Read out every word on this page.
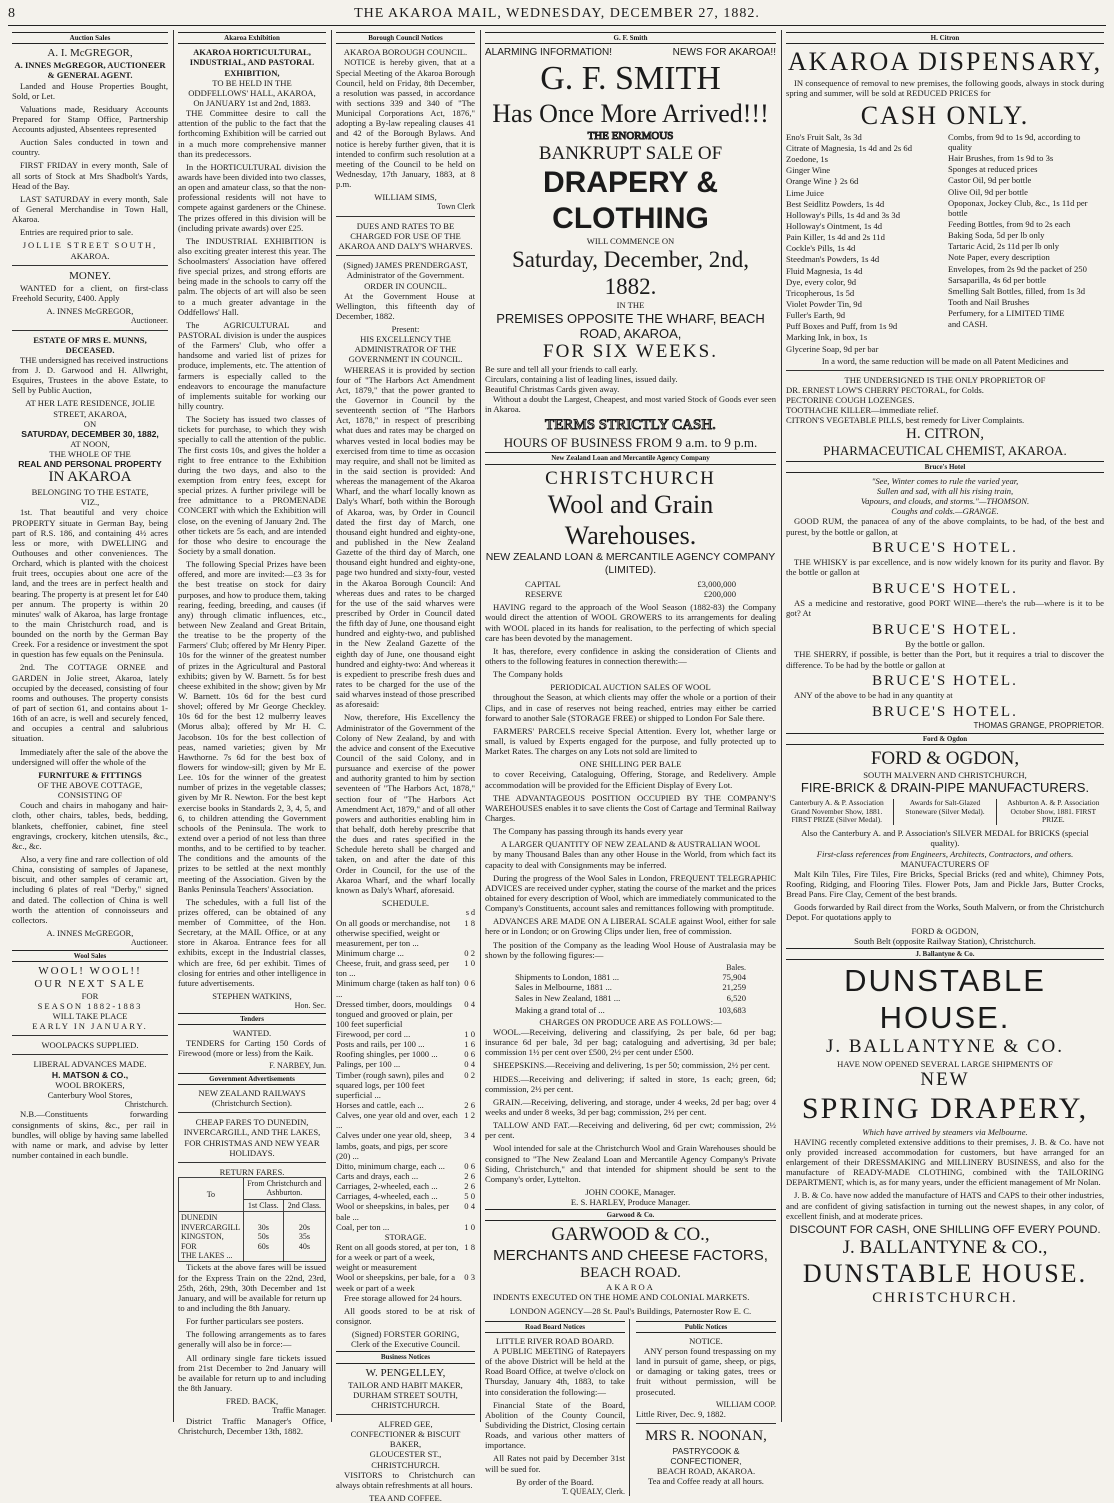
8	THE AKAROA MAIL, WEDNESDAY, DECEMBER 27, 1882.
Auction Sales
A. I. McGREGOR,
A. INNES McGREGOR, AUCTIONEER & GENERAL AGENT.
Landed and House Properties Bought, Sold, or Let.
Valuations made, Residuary Accounts Prepared for Stamp Office, Partnership Accounts adjusted, Absentees represented
Auction Sales conducted in town and country.
FIRST FRIDAY in every month, Sale of all sorts of Stock at Mrs Shadbolt's Yards, Head of the Bay.
LAST SATURDAY in every month, Sale of General Merchandise in Town Hall, Akaroa.
Entries are required prior to sale.
JOLLIE STREET SOUTH,
AKAROA.
MONEY.
WANTED for a client, on first-class Freehold Security, £400. Apply
A. INNES McGREGOR,
Auctioneer.
ESTATE OF MRS E. MUNNS, DECEASED.
THE undersigned has received instructions from J. D. Garwood and H. Allwright, Esquires, Trustees in the above Estate, to Sell by Public Auction,
AT HER LATE RESIDENCE, JOLIE STREET, AKAROA,
ON
SATURDAY, DECEMBER 30, 1882,
AT NOON,
THE WHOLE OF THE
REAL AND PERSONAL PROPERTY
IN AKAROA
BELONGING TO THE ESTATE,
VIZ.,
1st. That beautiful and very choice PROPERTY situate in German Bay, being part of R.S. 186, and containing 4½ acres less or more, with DWELLING and Outhouses and other conveniences. The Orchard, which is planted with the choicest fruit trees, occupies about one acre of the land, and the trees are in perfect health and bearing. The property is at present let for £40 per annum. The property is within 20 minutes' walk of Akaroa, has large frontage to the main Christchurch road, and is bounded on the north by the German Bay Creek. For a residence or investment the spot in question has few equals on the Peninsula.
2nd. The COTTAGE ORNEE and GARDEN in Jolie street, Akaroa, lately occupied by the deceased, consisting of four rooms and outhouses. The property consists of part of section 61, and contains about 1-16th of an acre, is well and securely fenced, and occupies a central and salubrious situation.
Immediately after the sale of the above the undersigned will offer the whole of the
FURNITURE & FITTINGS
OF THE ABOVE COTTAGE,
CONSISTING OF
Couch and chairs in mahogany and hair-cloth, other chairs, tables, beds, bedding, blankets, cheffonier, cabinet, fine steel engravings, crockery, kitchen utensils, &c., &c., &c.
Also, a very fine and rare collection of old China, consisting of samples of Japanese, biscuit, and other samples of ceramic art, including 6 plates of real "Derby," signed and dated. The collection of China is well worth the attention of connoisseurs and collectors.
A. INNES McGREGOR,
Auctioneer.
Wool Sales
WOOL! WOOL!!
OUR NEXT SALE
FOR
SEASON 1882-1883
WILL TAKE PLACE
EARLY IN JANUARY.
WOOLPACKS SUPPLIED.
LIBERAL ADVANCES MADE.
H. MATSON & CO.,
WOOL BROKERS,
Canterbury Wool Stores,
Christchurch.
N.B.—Constituents forwarding consignments of skins, &c., per rail in bundles, will oblige by having same labelled with name or mark, and advise by letter number contained in each bundle.
Akaroa Exhibition
AKAROA HORTICULTURAL, INDUSTRIAL, AND PASTORAL EXHIBITION,
TO BE HELD IN THE
ODDFELLOWS' HALL, AKAROA,
On JANUARY 1st and 2nd, 1883.
THE Committee desire to call the attention of the public to the fact that the forthcoming Exhibition will be carried out in a much more comprehensive manner than its predecessors.
In the HORTICULTURAL division the awards have been divided into two classes, an open and amateur class, so that the non-professional residents will not have to compete against gardeners or the Chinese. The prizes offered in this division will be (including private awards) over £25.
The INDUSTRIAL EXHIBITION is also exciting greater interest this year. The Schoolmasters' Association have offered five special prizes, and strong efforts are being made in the schools to carry off the palm. The objects of art will also be seen to a much greater advantage in the Oddfellows' Hall.
The AGRICULTURAL and PASTORAL division is under the auspices of the Farmers' Club, who offer a handsome and varied list of prizes for produce, implements, etc. The attention of farmers is especially called to the endeavors to encourage the manufacture of implements suitable for working our hilly country.
The Society has issued two classes of tickets for purchase, to which they wish specially to call the attention of the public. The first costs 10s, and gives the holder a right to free entrance to the Exhibition during the two days, and also to the exemption from entry fees, except for special prizes. A further privilege will be free admittance to a PROMENADE CONCERT with which the Exhibition will close, on the evening of January 2nd. The other tickets are 5s each, and are intended for those who desire to encourage the Society by a small donation.
The following Special Prizes have been offered, and more are invited:—£3 3s for the best treatise on stock for dairy purposes, and how to produce them, taking rearing, feeding, breeding, and causes (if any) through climatic influences, etc., between New Zealand and Great Britain, the treatise to be the property of the Farmers' Club; offered by Mr Henry Piper. 10s for the winner of the greatest number of prizes in the Agricultural and Pastoral exhibits; given by W. Barnett. 5s for best cheese exhibited in the show; given by Mr W. Barnett. 10s 6d for the best curd shovel; offered by Mr George Checkley. 10s 6d for the best 12 mulberry leaves (Morus alba); offered by Mr H. C. Jacobson. 10s for the best collection of peas, named varieties; given by Mr Hawthorne. 7s 6d for the best box of flowers for window-sill; given by Mr E. Lee. 10s for the winner of the greatest number of prizes in the vegetable classes; given by Mr R. Newton. For the best kept exercise books in Standards 2, 3, 4, 5, and 6, to children attending the Government schools of the Peninsula. The work to extend over a period of not less than three months, and to be certified to by teacher. The conditions and the amounts of the prizes to be settled at the next monthly meeting of the Association. Given by the Banks Peninsula Teachers' Association.
The schedules, with a full list of the prizes offered, can be obtained of any member of Committee, of the Hon. Secretary, at the MAIL Office, or at any store in Akaroa. Entrance fees for all exhibits, except in the Industrial classes, which are free, 6d per exhibit. Times of closing for entries and other intelligence in future advertisements.
STEPHEN WATKINS,
Hon. Sec.
Tenders
WANTED.
TENDERS for Carting 150 Cords of Firewood (more or less) from the Kaik.
F. NARBEY, Jun.
Government Advertisements
NEW ZEALAND RAILWAYS
(Christchurch Section).
CHEAP FARES TO DUNEDIN, INVERCARGILL, AND THE LAKES, FOR CHRISTMAS AND NEW YEAR HOLIDAYS.
RETURN FARES.
To	From Christchurch and Ashburton.	
	1st Class.	2nd Class.
DUNEDIN
INVERCARGILL
KINGSTON, FOR
THE LAKES ...	30s
50s
60s	20s
35s
40s
Tickets at the above fares will be issued for the Express Train on the 22nd, 23rd, 25th, 26th, 29th, 30th December and 1st January, and will be available for return up to and including the 8th January.
For further particulars see posters.
The following arrangements as to fares generally will also be in force:—
All ordinary single fare tickets issued from 21st December to 2nd January will be available for return up to and including the 8th January.
FRED. BACK,
Traffic Manager.
District Traffic Manager's Office, Christchurch, December 13th, 1882.
Borough Council Notices
AKAROA BOROUGH COUNCIL.
NOTICE is hereby given, that at a Special Meeting of the Akaroa Borough Council, held on Friday, 8th December, a resolution was passed, in accordance with sections 339 and 340 of "The Municipal Corporations Act, 1876," adopting a By-law repealing clauses 41 and 42 of the Borough Bylaws. And notice is hereby further given, that it is intended to confirm such resolution at a meeting of the Council to be held on Wednesday, 17th January, 1883, at 8 p.m.
WILLIAM SIMS,
Town Clerk
DUES AND RATES TO BE CHARGED FOR USE OF THE AKAROA AND DALY'S WHARVES.
(Signed) JAMES PRENDERGAST,
Administrator of the Government.
ORDER IN COUNCIL.
At the Government House at Wellington, this fifteenth day of December, 1882.
Present:
HIS EXCELLENCY THE ADMINISTRATOR OF THE GOVERNMENT IN COUNCIL.
WHEREAS it is provided by section four of "The Harbors Act Amendment Act, 1879," that the power granted to the Governor in Council by the seventeenth section of "The Harbors Act, 1878," in respect of prescribing what dues and rates may be charged on wharves vested in local bodies may be exercised from time to time as occasion may require, and shall not be limited as in the said section is provided: And whereas the management of the Akaroa Wharf, and the wharf locally known as Daly's Wharf, both within the Borough of Akaroa, was, by Order in Council dated the first day of March, one thousand eight hundred and eighty-one, and published in the New Zealand Gazette of the third day of March, one thousand eight hundred and eighty-one, page two hundred and sixty-four, vested in the Akaroa Borough Council: And whereas dues and rates to be charged for the use of the said wharves were prescribed by Order in Council dated the fifth day of June, one thousand eight hundred and eighty-two, and published in the New Zealand Gazette of the eighth day of June, one thousand eight hundred and eighty-two: And whereas it is expedient to prescribe fresh dues and rates to be charged for the use of the said wharves instead of those prescribed as aforesaid:
Now, therefore, His Excellency the Administrator of the Government of the Colony of New Zealand, by and with the advice and consent of the Executive Council of the said Colony, and in pursuance and exercise of the power and authority granted to him by section seventeen of "The Harbors Act, 1878," section four of "The Harbors Act Amendment Act, 1879," and of all other powers and authorities enabling him in that behalf, doth hereby prescribe that the dues and rates specified in the Schedule hereto shall be charged and taken, on and after the date of this Order in Council, for the use of the Akaroa Wharf, and the wharf locally known as Daly's Wharf, aforesaid.
SCHEDULE.
s d
On all goods or merchandise, not otherwise specified, weight or measurement, per ton ...
1 8
Minimum charge ...	0 2
Cheese, fruit, and grass seed, per ton ...
1 0
Minimum charge (taken as half ton) ...
0 6
Dressed timber, doors, mouldings tongued and grooved or plain, per 100 feet superficial
0 4
Firewood, per cord ...	1 0
Posts and rails, per 100 ...	1 6
Roofing shingles, per 1000 ...	0 6
Palings, per 100 ...	0 4
Timber (rough sawn), piles and squared logs, per 100 feet superficial ...
0 2
Horses and cattle, each ...	2 6
Calves, one year old and over, each ...
1 2
Calves under one year old, sheep, lambs, goats, and pigs, per score (20) ...
3 4
Ditto, minimum charge, each ...	0 6
Carts and drays, each ...	2 6
Carriages, 2-wheeled, each ...	2 6
Carriages, 4-wheeled, each ...	5 0
Wool or sheepskins, in bales, per bale ...
0 4
Coal, per ton ...	1 0
STORAGE.
Rent on all goods stored, at per ton, for a week or part of a week, weight or measurement
1 8
Wool or sheepskins, per bale, for a week or part of a week
0 3
Free storage allowed for 24 hours.
All goods stored to be at risk of consignor.
(Signed) FORSTER GORING,
Clerk of the Executive Council.
Business Notices
W. PENGELLEY,
TAILOR AND HABIT MAKER,
DURHAM STREET SOUTH, CHRISTCHURCH.
ALFRED GEE,
CONFECTIONER & BISCUIT BAKER,
GLOUCESTER ST., CHRISTCHURCH.
VISITORS to Christchurch can always obtain refreshments at all hours.
TEA AND COFFEE.
G. F. Smith
ALARMING INFORMATION!	NEWS FOR AKAROA!!
G. F. SMITH
Has Once More Arrived!!!
THE ENORMOUS
BANKRUPT SALE OF
DRAPERY & CLOTHING
WILL COMMENCE ON
Saturday, December, 2nd, 1882.
IN THE
PREMISES OPPOSITE THE WHARF, BEACH ROAD, AKAROA,
FOR SIX WEEKS.
Be sure and tell all your friends to call early.
Circulars, containing a list of leading lines, issued daily.
Beautiful Christmas Cards given away.
Without a doubt the Largest, Cheapest, and most varied Stock of Goods ever seen in Akaroa.
TERMS STRICTLY CASH.
HOURS OF BUSINESS FROM 9 a.m. to 9 p.m.
New Zealand Loan and Mercantile Agency Company
CHRISTCHURCH
Wool and Grain Warehouses.
NEW ZEALAND LOAN & MERCANTILE AGENCY COMPANY (LIMITED).
CAPITAL	£3,000,000
RESERVE	£200,000
HAVING regard to the approach of the Wool Season (1882-83) the Company would direct the attention of WOOL GROWERS to its arrangements for dealing with WOOL placed in its hands for realisation, to the perfecting of which special care has been devoted by the management.
It has, therefore, every confidence in asking the consideration of Clients and others to the following features in connection therewith:—
The Company holds
PERIODICAL AUCTION SALES OF WOOL
throughout the Season, at which clients may offer the whole or a portion of their Clips, and in case of reserves not being reached, entries may either be carried forward to another Sale (STORAGE FREE) or shipped to London For Sale there.
FARMERS' PARCELS receive Special Attention. Every lot, whether large or small, is valued by Experts engaged for the purpose, and fully protected up to Market Rates. The charges on any Lots not sold are limited to
ONE SHILLING PER BALE
to cover Receiving, Cataloguing, Offering, Storage, and Redelivery. Ample accommodation will be provided for the Efficient Display of Every Lot.
THE ADVANTAGEOUS POSITION OCCUPIED BY THE COMPANY'S WAREHOUSES enables it to save clients the Cost of Cartage and Terminal Railway Charges.
The Company has passing through its hands every year
A LARGER QUANTITY OF NEW ZEALAND & AUSTRALIAN WOOL
by many Thousand Bales than any other House in the World, from which fact its capacity to deal with Consignments may be inferred.
During the progress of the Wool Sales in London, FREQUENT TELEGRAPHIC ADVICES are received under cypher, stating the course of the market and the prices obtained for every description of Wool, which are immediately communicated to the Company's Constituents, account sales and remittances following with promptitude.
ADVANCES ARE MADE ON A LIBERAL SCALE against Wool, either for sale here or in London; or on Growing Clips under lien, free of commission.
The position of the Company as the leading Wool House of Australasia may be shown by the following figures:—
Bales.
Shipments to London, 1881 ...	75,904
Sales in Melbourne, 1881 ...	21,259
Sales in New Zealand, 1881 ...	6,520
Making a grand total of ...	103,683
CHARGES ON PRODUCE ARE AS FOLLOWS:—
WOOL.—Receiving, delivering and classifying, 2s per bale, 6d per bag; insurance 6d per bale, 3d per bag; cataloguing and advertising, 3d per bale; commission 1½ per cent over £500, 2½ per cent under £500.
SHEEPSKINS.—Receiving and delivering, 1s per 50; commission, 2½ per cent.
HIDES.—Receiving and delivering; if salted in store, 1s each; green, 6d; commission, 2½ per cent.
GRAIN.—Receiving, delivering, and storage, under 4 weeks, 2d per bag; over 4 weeks and under 8 weeks, 3d per bag; commission, 2½ per cent.
TALLOW AND FAT.—Receiving and delivering, 6d per cwt; commission, 2½ per cent.
Wool intended for sale at the Christchurch Wool and Grain Warehouses should be consigned to "The New Zealand Loan and Mercantile Agency Company's Private Siding, Christchurch," and that intended for shipment should be sent to the Company's order, Lyttelton.
JOHN COOKE, Manager.
E. S. HARLEY, Produce Manager.
Garwood & Co.
GARWOOD & CO.,
MERCHANTS AND CHEESE FACTORS,
BEACH ROAD.
AKAROA
INDENTS EXECUTED ON THE HOME AND COLONIAL MARKETS.
LONDON AGENCY—28 St. Paul's Buildings, Paternoster Row E. C.
Road Board Notices
LITTLE RIVER ROAD BOARD.
A PUBLIC MEETING of Ratepayers of the above District will be held at the Road Board Office, at twelve o'clock on Thursday, January 4th, 1883, to take into consideration the following:—
Financial State of the Board, Abolition of the County Council, Subdividing the District, Closing certain Roads, and various other matters of importance.
All Rates not paid by December 31st will be sued for.
By order of the Board.
T. QUEALY, Clerk.
Public Notices
NOTICE.
ANY person found trespassing on my land in pursuit of game, sheep, or pigs, or damaging or taking gates, trees or fruit without permission, will be prosecuted.
WILLIAM COOP.
Little River, Dec. 9, 1882.
MRS R. NOONAN,
PASTRYCOOK & CONFECTIONER,
BEACH ROAD, AKAROA.
Tea and Coffee ready at all hours.
H. Citron
AKAROA DISPENSARY,
IN consequence of removal to new premises, the following goods, always in stock during spring and summer, will be sold at REDUCED PRICES for
CASH ONLY.
Eno's Fruit Salt, 3s 3d
Citrate of Magnesia, 1s 4d and 2s 6d
Zoedone, 1s
Ginger Wine
Orange Wine } 2s 6d
Lime Juice
Best Seidlitz Powders, 1s 4d
Holloway's Pills, 1s 4d and 3s 3d
Holloway's Ointment, 1s 4d
Pain Killer, 1s 4d and 2s 11d
Cockle's Pills, 1s 4d
Steedman's Powders, 1s 4d
Fluid Magnesia, 1s 4d
Dye, every color, 9d
Tricopherous, 1s 5d
Violet Powder Tin, 9d
Fuller's Earth, 9d
Puff Boxes and Puff, from 1s 9d
Marking Ink, in box, 1s
Glycerine Soap, 9d per bar
Combs, from 9d to 1s 9d, according to quality
Hair Brushes, from 1s 9d to 3s
Sponges at reduced prices
Castor Oil, 9d per bottle
Olive Oil, 9d per bottle
Opoponax, Jockey Club, &c., 1s 11d per bottle
Feeding Bottles, from 9d to 2s each
Baking Soda, 5d per lb only
Tartaric Acid, 2s 11d per lb only
Note Paper, every description
Envelopes, from 2s 9d the packet of 250
Sarsaparilla, 4s 6d per bottle
Smelling Salt Bottles, filled, from 1s 3d
Tooth and Nail Brushes
Perfumery, for a LIMITED TIME
and CASH.
In a word, the same reduction will be made on all Patent Medicines and
THE UNDERSIGNED IS THE ONLY PROPRIETOR OF
DR. ERNEST LOW'S CHERRY PECTORAL, for Colds.
PECTORINE COUGH LOZENGES.
TOOTHACHE KILLER—immediate relief.
CITRON'S VEGETABLE PILLS, best remedy for Liver Complaints.
H. CITRON,
PHARMACEUTICAL CHEMIST, AKAROA.
Bruce's Hotel
"See, Winter comes to rule the varied year,
Sullen and sad, with all his rising train,
Vapours, and clouds, and storms."—THOMSON.
Coughs and colds.—GRANGE.
GOOD RUM, the panacea of any of the above complaints, to be had, of the best and purest, by the bottle or gallon, at
BRUCE'S HOTEL.
THE WHISKY is par excellence, and is now widely known for its purity and flavor. By the bottle or gallon at
BRUCE'S HOTEL.
AS a medicine and restorative, good PORT WINE—there's the rub—where is it to be got? At
BRUCE'S HOTEL.
By the bottle or gallon.
THE SHERRY, if possible, is better than the Port, but it requires a trial to discover the difference. To be had by the bottle or gallon at
BRUCE'S HOTEL.
ANY of the above to be had in any quantity at
BRUCE'S HOTEL.
THOMAS GRANGE, PROPRIETOR.
Ford & Ogdon
FORD & OGDON,
SOUTH MALVERN AND CHRISTCHURCH,
FIRE-BRICK & DRAIN-PIPE MANUFACTURERS.
Canterbury A. & P. Association Grand November Show, 1881. FIRST PRIZE (Silver Medal).
Awards for Salt-Glazed Stoneware (Silver Medal).
Ashburton A. & P. Association October Show, 1881. FIRST PRIZE.
Also the Canterbury A. and P. Association's SILVER MEDAL for BRICKS (special quality).
First-class references from Engineers, Architects, Contractors, and others.
MANUFACTURERS OF
Malt Kiln Tiles, Fire Tiles, Fire Bricks, Special Bricks (red and white), Chimney Pots, Roofing, Ridging, and Flooring Tiles. Flower Pots, Jam and Pickle Jars, Butter Crocks, Bread Pans. Fire Clay, Cement of the best brands.
Goods forwarded by Rail direct from the Works, South Malvern, or from the Christchurch Depot. For quotations apply to
FORD & OGDON,
South Belt (opposite Railway Station), Christchurch.
J. Ballantyne & Co.
DUNSTABLE HOUSE.
J. BALLANTYNE & CO.
HAVE NOW OPENED SEVERAL LARGE SHIPMENTS OF
NEW
SPRING DRAPERY,
Which have arrived by steamers via Melbourne.
HAVING recently completed extensive additions to their premises, J. B. & Co. have not only provided increased accommodation for customers, but have arranged for an enlargement of their DRESSMAKING and MILLINERY BUSINESS, and also for the manufacture of READY-MADE CLOTHING, combined with the TAILORING DEPARTMENT, which is, as for many years, under the efficient management of Mr Nolan.
J. B. & Co. have now added the manufacture of HATS and CAPS to their other industries, and are confident of giving satisfaction in turning out the newest shapes, in any color, of excellent finish, and at moderate prices.
DISCOUNT FOR CASH, ONE SHILLING OFF EVERY POUND.
J. BALLANTYNE & CO.,
DUNSTABLE HOUSE.
CHRISTCHURCH.
